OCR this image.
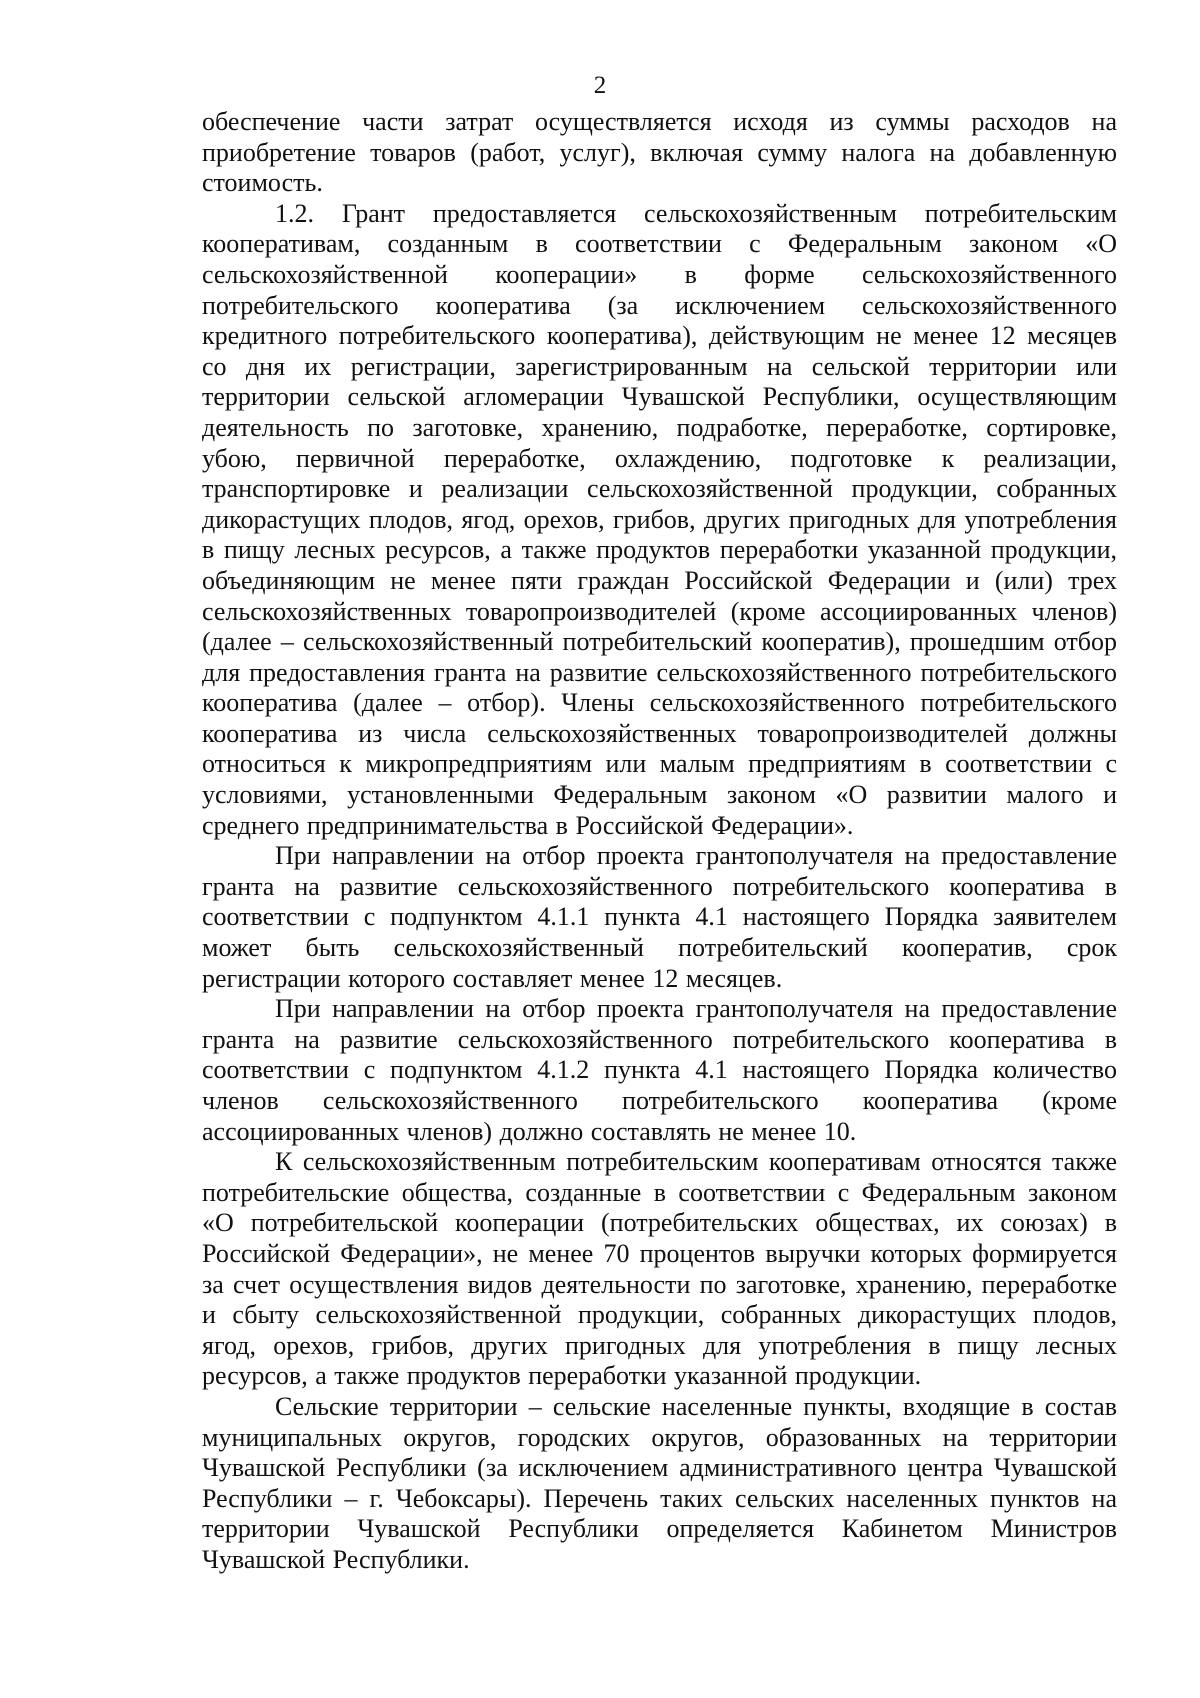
2

обеспечение части затрат осуществляется исходя из суммы расходов на приобретение товаров (работ, услуг), включая сумму налога на добавленную стоимость.

1.2. Грант предоставляется сельскохозяйственным потребительским кооперативам, созданным в соответствии с Федеральным законом «О сельскохозяйственной кооперации» в форме сельскохозяйственного потребительского кооператива (за исключением сельскохозяйственного кредитного потребительского кооператива), действующим не менее 12 месяцев со дня их регистрации, зарегистрированным на сельской территории или территории сельской агломерации Чувашской Республики, осуществляющим деятельность по заготовке, хранению, подработке, переработке, сортировке, убою, первичной переработке, охлаждению, подготовке к реализации, транспортировке и реализации сельскохозяйственной продукции, собранных дикорастущих плодов, ягод, орехов, грибов, других пригодных для употребления в пищу лесных ресурсов, а также продуктов переработки указанной продукции, объединяющим не менее пяти граждан Российской Федерации и (или) трех сельскохозяйственных товаропроизводителей (кроме ассоциированных членов) (далее – сельскохозяйственный потребительский кооператив), прошедшим отбор для предоставления гранта на развитие сельскохозяйственного потребительского кооператива (далее – отбор). Члены сельскохозяйственного потребительского кооператива из числа сельскохозяйственных товаропроизводителей должны относиться к микропредприятиям или малым предприятиям в соответствии с условиями, установленными Федеральным законом «О развитии малого и среднего предпринимательства в Российской Федерации».

При направлении на отбор проекта грантополучателя на предоставление гранта на развитие сельскохозяйственного потребительского кооператива в соответствии с подпунктом 4.1.1 пункта 4.1 настоящего Порядка заявителем может быть сельскохозяйственный потребительский кооператив, срок регистрации которого составляет менее 12 месяцев.

При направлении на отбор проекта грантополучателя на предоставление гранта на развитие сельскохозяйственного потребительского кооператива в соответствии с подпунктом 4.1.2 пункта 4.1 настоящего Порядка количество членов сельскохозяйственного потребительского кооператива (кроме ассоциированных членов) должно составлять не менее 10.

К сельскохозяйственным потребительским кооперативам относятся также потребительские общества, созданные в соответствии с Федеральным законом «О потребительской кооперации (потребительских обществах, их союзах) в Российской Федерации», не менее 70 процентов выручки которых формируется за счет осуществления видов деятельности по заготовке, хранению, переработке и сбыту сельскохозяйственной продукции, собранных дикорастущих плодов, ягод, орехов, грибов, других пригодных для употребления в пищу лесных ресурсов, а также продуктов переработки указанной продукции.

Сельские территории – сельские населенные пункты, входящие в состав муниципальных округов, городских округов, образованных на территории Чувашской Республики (за исключением административного центра Чувашской Республики – г. Чебоксары). Перечень таких сельских населенных пунктов на территории Чувашской Республики определяется Кабинетом Министров Чувашской Республики.
